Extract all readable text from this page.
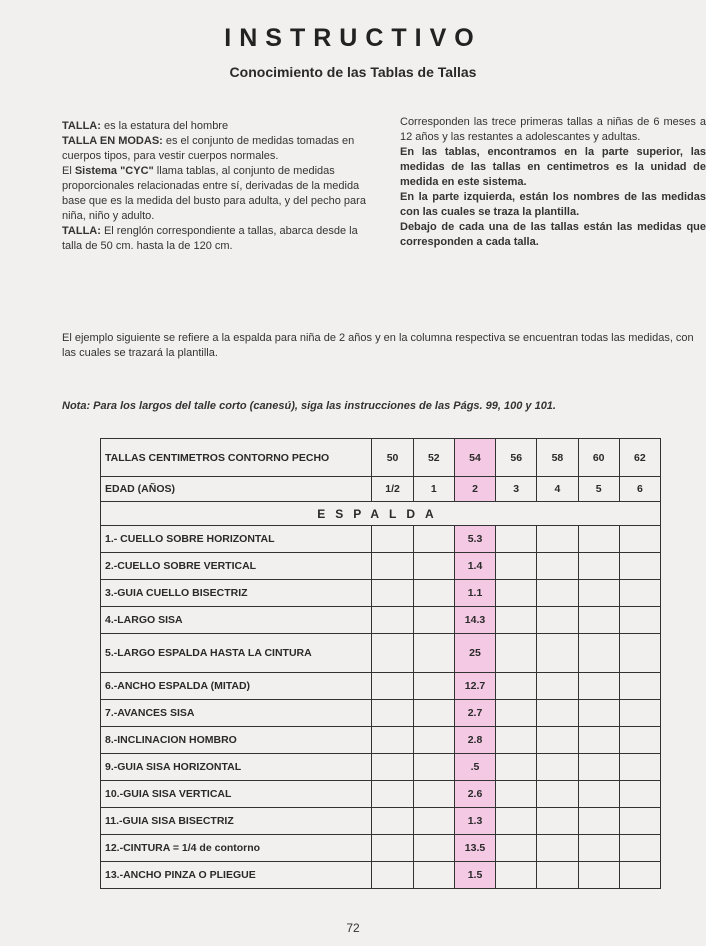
INSTRUCTIVO
Conocimiento de las Tablas de Tallas

TALLA: es la estatura del hombre

TALLA EN MODAS: es el conjunto de medidas tomadas en cuerpos tipos, para vestir cuerpos normales.

El Sistema "CYC" llama tablas, al conjunto de medidas proporcionales relacionadas entre sí, derivadas de la medida base que es la medida del busto para adulta, y del pecho para niña, niño y adulto.

TALLA: El renglón correspondiente a tallas, abarca desde la talla de 50 cm. hasta la de 120 cm.

Corresponden las trece primeras tallas a niñas de 6 meses a 12 años y las restantes a adolescantes y adultas.

En las tablas, encontramos en la parte superior, las medidas de las tallas en centimetros es la unidad de medida en este sistema.

En la parte izquierda, están los nombres de las medidas con las cuales se traza la plantilla.

Debajo de cada una de las tallas están las medidas que corresponden a cada talla.

El ejemplo siguiente se refiere a la espalda para niña de 2 años y en la columna respectiva se encuentran todas las medidas, con las cuales se trazará la plantilla.
Nota: Para los largos del talle corto (canesú), siga las instrucciones de las Págs. 99, 100 y 101.
TALLAS CENTIMETROS CONTORNO PECHO	50	52	54	56	58	60	62
EDAD (AÑOS)	1/2	1	2	3	4	5	6
ESPALDA							
1.- CUELLO SOBRE HORIZONTAL			5.3				
2.-CUELLO SOBRE VERTICAL			1.4				
3.-GUIA CUELLO BISECTRIZ			1.1				
4.-LARGO SISA			14.3				
5.-LARGO ESPALDA HASTA LA CINTURA			25				
6.-ANCHO ESPALDA (MITAD)			12.7				
7.-AVANCES SISA			2.7				
8.-INCLINACION HOMBRO			2.8				
9.-GUIA SISA HORIZONTAL			.5				
10.-GUIA SISA VERTICAL			2.6				
11.-GUIA SISA BISECTRIZ			1.3				
12.-CINTURA = 1/4 de contorno			13.5				
13.-ANCHO PINZA O PLIEGUE			1.5				
72
